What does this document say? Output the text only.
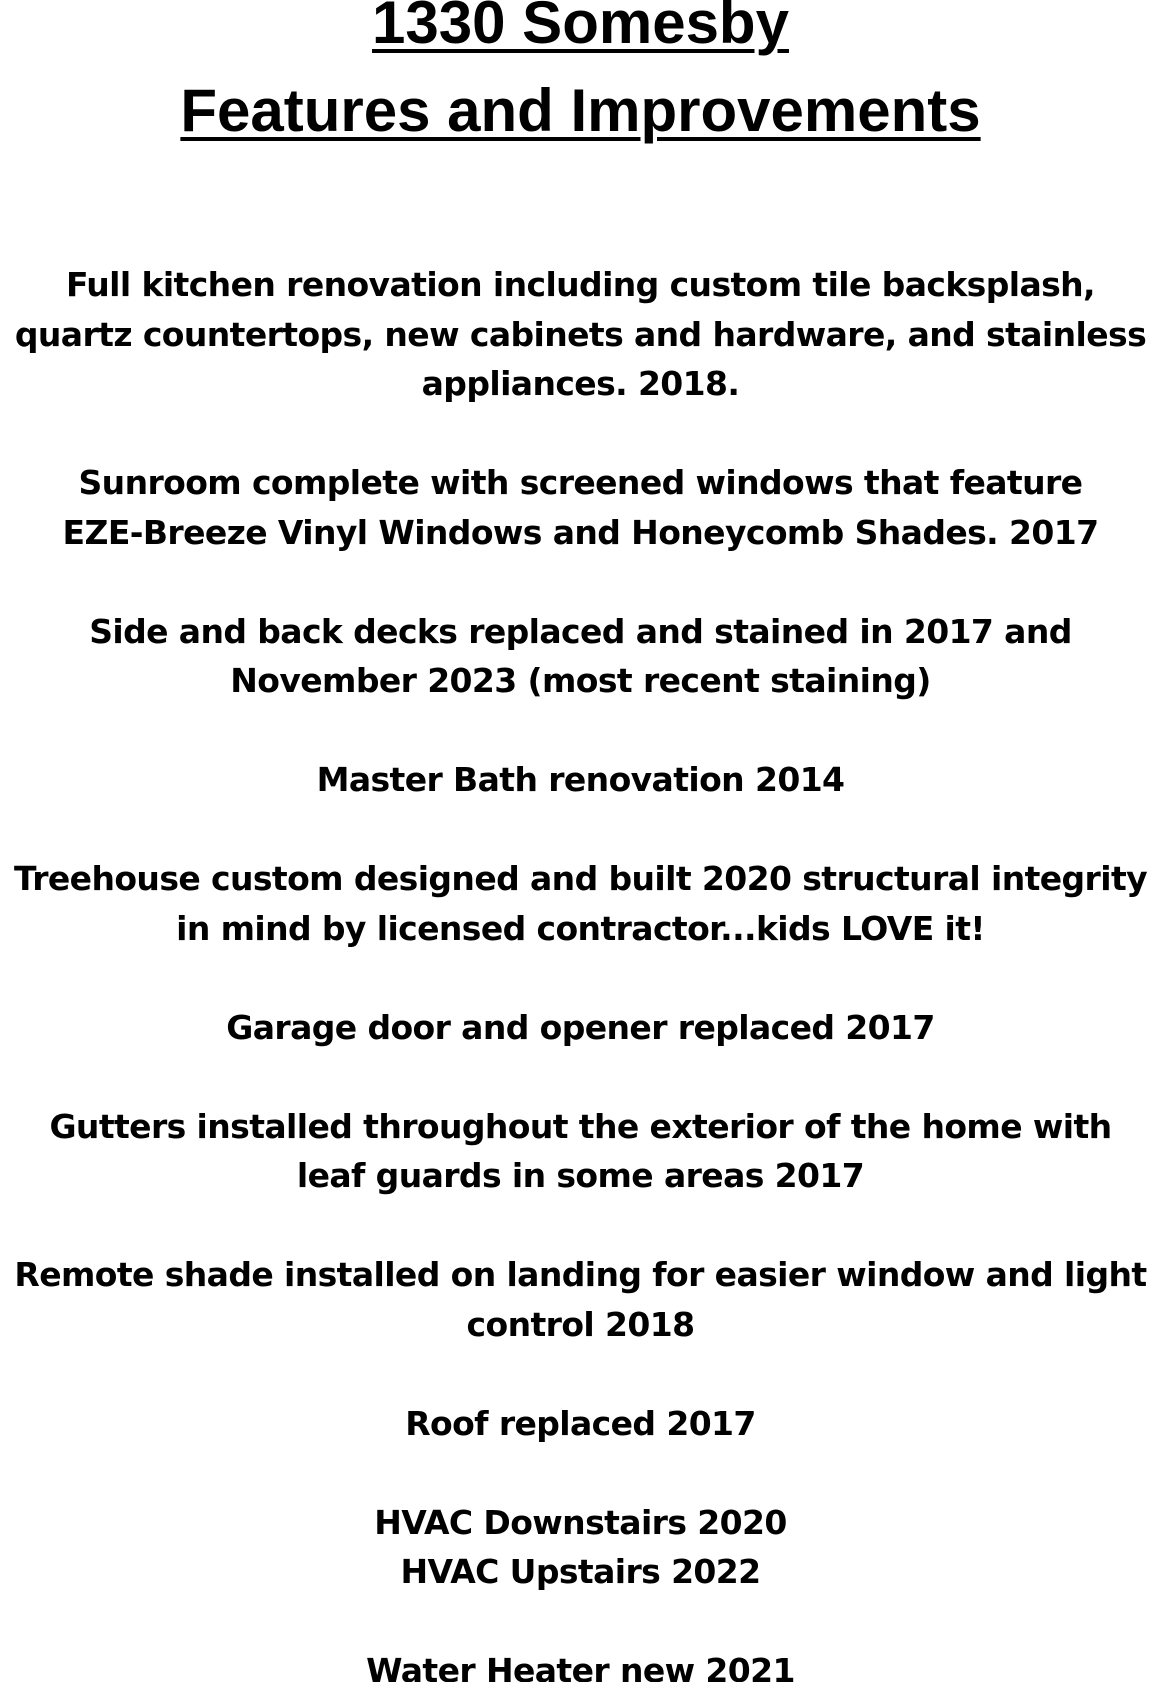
1330 Somesby
Features and Improvements
Full kitchen renovation including custom tile backsplash,
quartz countertops, new cabinets and hardware, and stainless
appliances. 2018.
Sunroom complete with screened windows that feature
EZE-Breeze Vinyl Windows and Honeycomb Shades. 2017
Side and back decks replaced and stained in 2017 and
November 2023 (most recent staining)
Master Bath renovation 2014
Treehouse custom designed and built 2020 structural integrity
in mind by licensed contractor...kids LOVE it!
Garage door and opener replaced 2017
Gutters installed throughout the exterior of the home with
leaf guards in some areas 2017
Remote shade installed on landing for easier window and light
control 2018
Roof replaced 2017
HVAC Downstairs 2020
HVAC Upstairs 2022
Water Heater new 2021
